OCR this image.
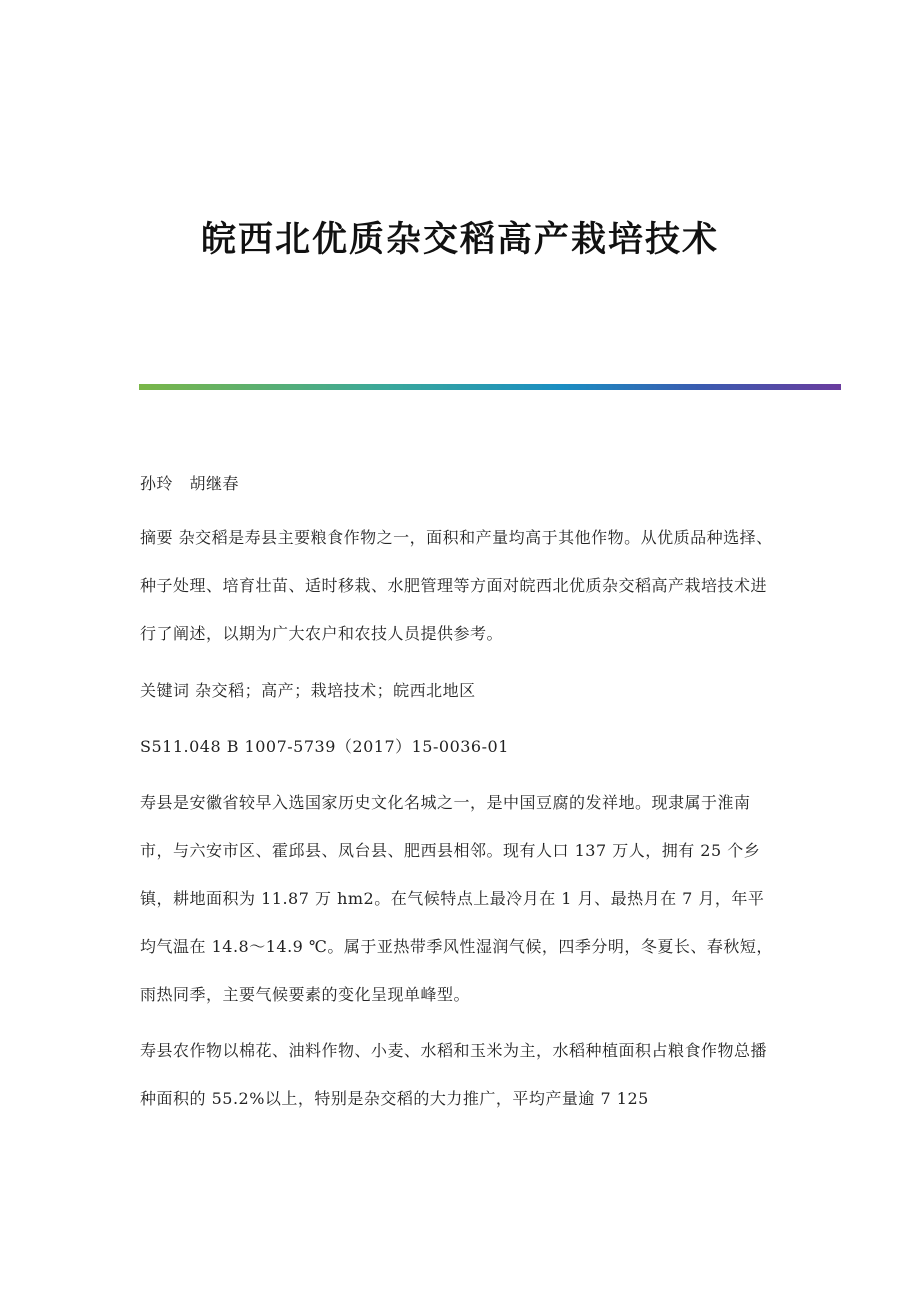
皖西北优质杂交稻高产栽培技术

孙玲　胡继春

摘要 杂交稻是寿县主要粮食作物之一，面积和产量均高于其他作物。从优质品种选择、种子处理、培育壮苗、适时移栽、水肥管理等方面对皖西北优质杂交稻高产栽培技术进行了阐述，以期为广大农户和农技人员提供参考。

关键词 杂交稻；高产；栽培技术；皖西北地区

S511.048 B 1007-5739（2017）15-0036-01

寿县是安徽省较早入选国家历史文化名城之一，是中国豆腐的发祥地。现隶属于淮南市，与六安市区、霍邱县、凤台县、肥西县相邻。现有人口 137 万人，拥有 25 个乡镇，耕地面积为 11.87 万 hm2。在气候特点上最冷月在 1 月、最热月在 7 月，年平均气温在 14.8～14.9 ℃。属于亚热带季风性湿润气候，四季分明，冬夏长、春秋短，雨热同季，主要气候要素的变化呈现单峰型。

寿县农作物以棉花、油料作物、小麦、水稻和玉米为主，水稻种植面积占粮食作物总播种面积的 55.2%以上，特别是杂交稻的大力推广，平均产量逾 7 125
